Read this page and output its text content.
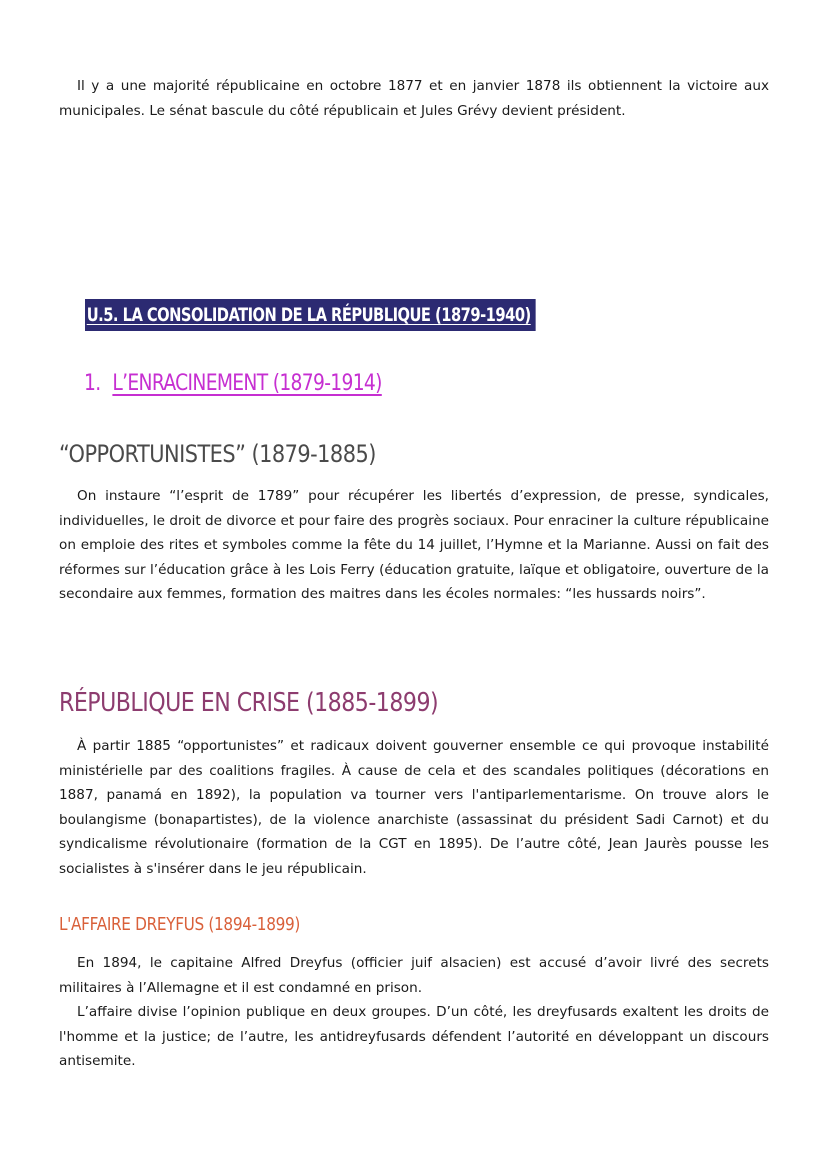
Il y a une majorité républicaine en octobre 1877 et en janvier 1878 ils obtiennent la victoire aux municipales. Le sénat bascule du côté républicain et Jules Grévy devient président.

U.5. LA CONSOLIDATION DE LA RÉPUBLIQUE (1879-1940)
1. L’ENRACINEMENT (1879-1914)
“OPPORTUNISTES” (1879-1885)

On instaure “l’esprit de 1789” pour récupérer les libertés d’expression, de presse, syndicales, individuelles, le droit de divorce et pour faire des progrès sociaux. Pour enraciner la culture républicaine on emploie des rites et symboles comme la fête du 14 juillet, l’Hymne et la Marianne. Aussi on fait des réformes sur l’éducation grâce à les Lois Ferry (éducation gratuite, laïque et obligatoire, ouverture de la secondaire aux femmes, formation des maitres dans les écoles normales: “les hussards noirs”.

RÉPUBLIQUE EN CRISE (1885-1899)

À partir 1885 “opportunistes” et radicaux doivent gouverner ensemble ce qui provoque instabilité ministérielle par des coalitions fragiles. À cause de cela et des scandales politiques (décorations en 1887, panamá en 1892), la population va tourner vers l'antiparlementarisme. On trouve alors le boulangisme (bonapartistes), de la violence anarchiste (assassinat du président Sadi Carnot) et du syndicalisme révolutionaire (formation de la CGT en 1895). De l’autre côté, Jean Jaurès pousse les socialistes à s'insérer dans le jeu républicain.

L'AFFAIRE DREYFUS (1894-1899)

En 1894, le capitaine Alfred Dreyfus (officier juif alsacien) est accusé d’avoir livré des secrets militaires à l’Allemagne et il est condamné en prison.

L’affaire divise l’opinion publique en deux groupes. D’un côté, les dreyfusards exaltent les droits de l'homme et la justice; de l’autre, les antidreyfusards défendent l’autorité en développant un discours antisemite.
